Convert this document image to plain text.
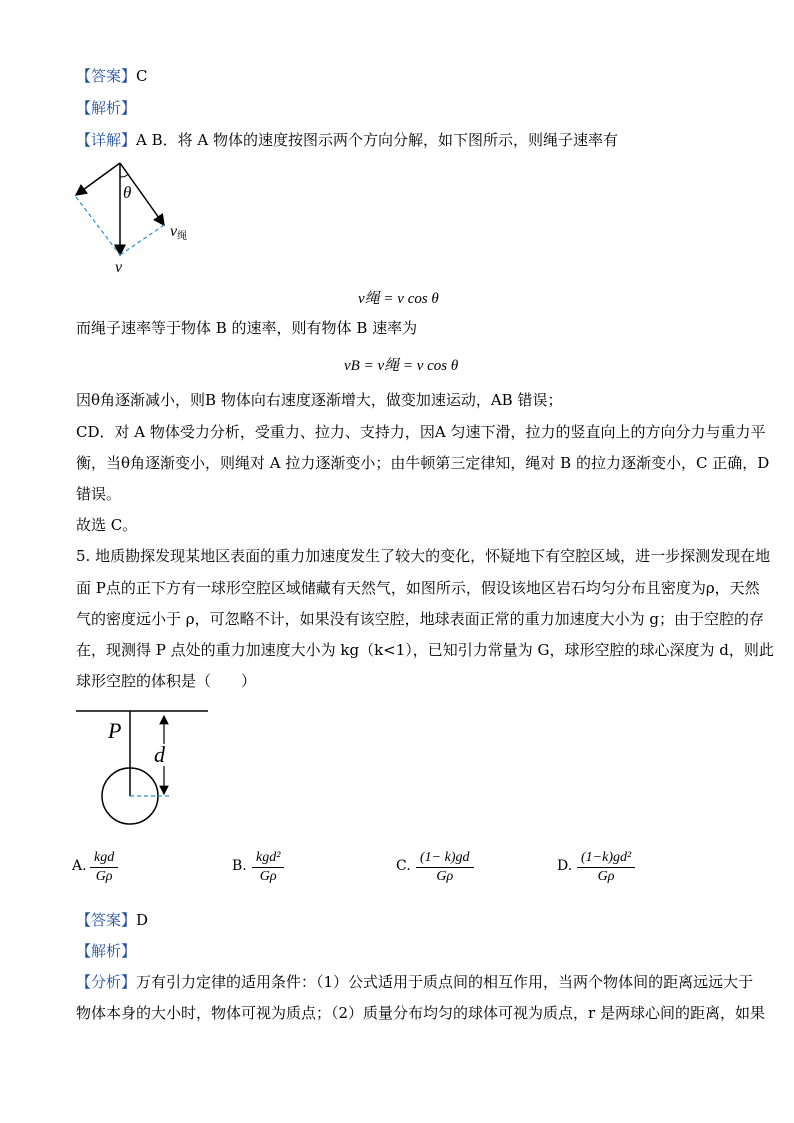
【答案】C
【解析】
【详解】A B．将 A 物体的速度按图示两个方向分解，如下图所示，则绳子速率有
θ
v
v绳
v绳 = v cos θ
而绳子速率等于物体 B 的速率，则有物体 B 速率为
vB = v绳 = v cos θ
因θ角逐渐减小，则B 物体向右速度逐渐增大，做变加速运动，AB 错误；
CD．对 A 物体受力分析，受重力、拉力、支持力，因A 匀速下滑，拉力的竖直向上的方向分力与重力平
衡，当θ角逐渐变小，则绳对 A 拉力逐渐变小；由牛顿第三定律知，绳对 B 的拉力逐渐变小，C 正确，D
错误。
故选 C。
5. 地质勘探发现某地区表面的重力加速度发生了较大的变化，怀疑地下有空腔区域，进一步探测发现在地
面 P点的正下方有一球形空腔区域储藏有天然气，如图所示，假设该地区岩石均匀分布且密度为ρ，天然
气的密度远小于 ρ，可忽略不计，如果没有该空腔，地球表面正常的重力加速度大小为 g；由于空腔的存
在，现测得 P 点处的重力加速度大小为 kg（k<1），已知引力常量为 G，球形空腔的球心深度为 d，则此
球形空腔的体积是（　　）
P
d
A.
kgd
Gρ
B.
kgd²
Gρ
C. $\frac{(1- k)gd}{G\rho}$	D. $\frac{\text{(1−k)gd²}}{G\rho}$
【答案】D
【解析】
【分析】万有引力定律的适用条件：（1）公式适用于质点间的相互作用，当两个物体间的距离远远大于
物体本身的大小时，物体可视为质点；（2）质量分布均匀的球体可视为质点，r 是两球心间的距离，如果
